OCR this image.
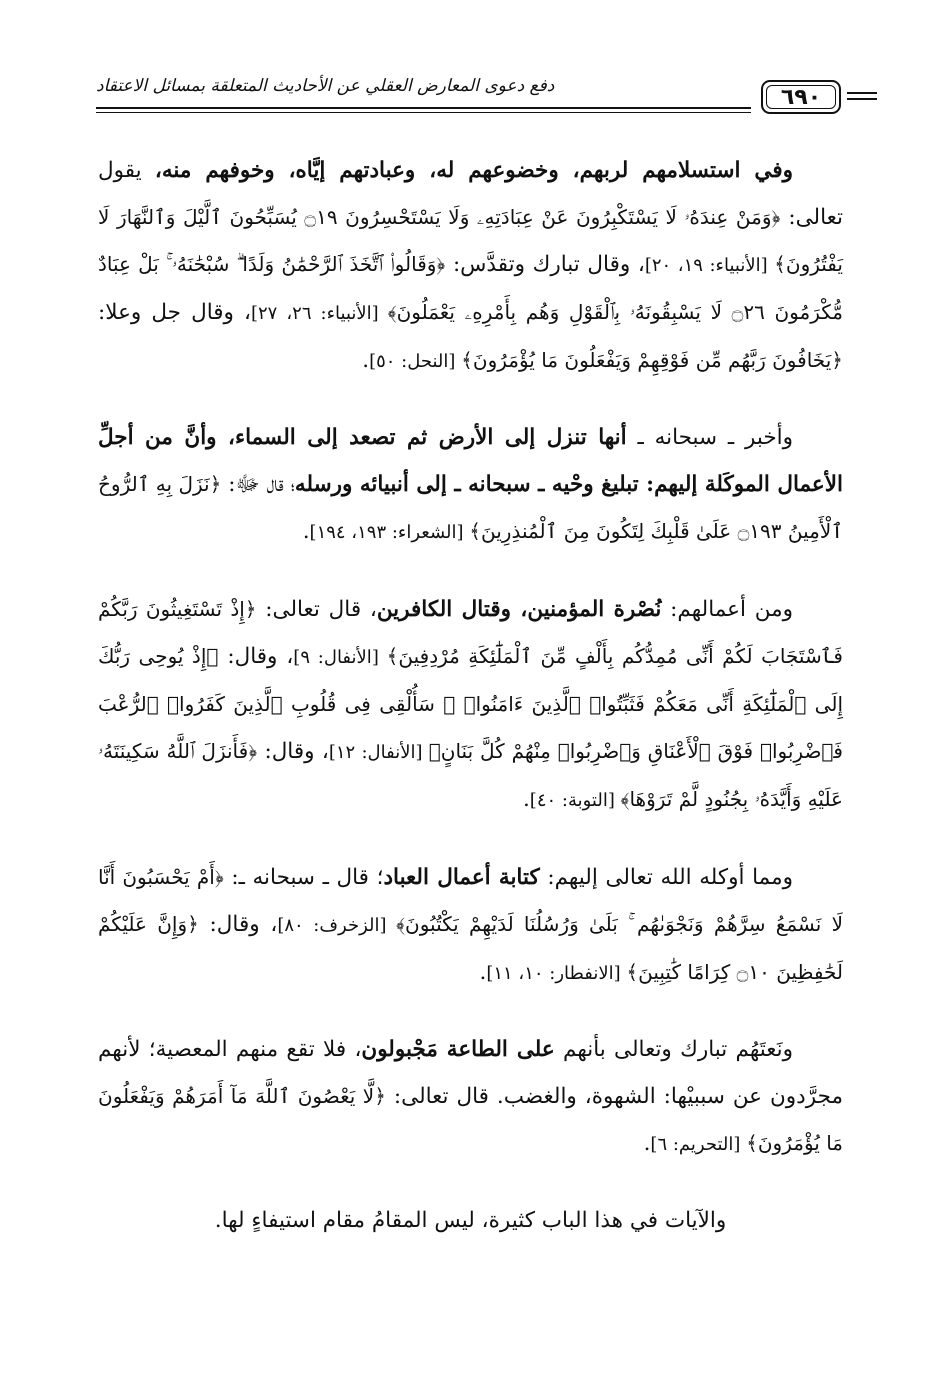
٦٩٠
دفع دعوى المعارض العقلي عن الأحاديث المتعلقة بمسائل الاعتقاد

وفي استسلامهم لربهم، وخضوعهم له، وعبادتهم إيَّاه، وخوفهم منه، يقول تعالى: ﴿وَمَنْ عِندَهُۥ لَا يَسْتَكْبِرُونَ عَنْ عِبَادَتِهِۦ وَلَا يَسْتَحْسِرُونَ ۝١٩ يُسَبِّحُونَ ٱلَّيْلَ وَٱلنَّهَارَ لَا يَفْتُرُونَ﴾ [الأنبياء: ١٩، ٢٠]، وقال تبارك وتقدَّس: ﴿وَقَالُوا۟ ٱتَّخَذَ ٱلرَّحْمَٰنُ وَلَدًا ۗ سُبْحَٰنَهُۥ ۚ بَلْ عِبَادٌ مُّكْرَمُونَ ۝٢٦ لَا يَسْبِقُونَهُۥ بِٱلْقَوْلِ وَهُم بِأَمْرِهِۦ يَعْمَلُونَ﴾ [الأنبياء: ٢٦، ٢٧]، وقال جل وعلا: ﴿يَخَافُونَ رَبَّهُم مِّن فَوْقِهِمْ وَيَفْعَلُونَ مَا يُؤْمَرُونَ﴾ [النحل: ٥٠].

وأخبر ـ سبحانه ـ أنها تنزل إلى الأرض ثم تصعد إلى السماء، وأنَّ من أجلِّ الأعمال الموكَلة إليهم: تبليغ وحْيه ـ سبحانه ـ إلى أنبيائه ورسله؛ قال ﷻ: ﴿نَزَلَ بِهِ ٱلرُّوحُ ٱلْأَمِينُ ۝١٩٣ عَلَىٰ قَلْبِكَ لِتَكُونَ مِنَ ٱلْمُنذِرِينَ﴾ [الشعراء: ١٩٣، ١٩٤].

ومن أعمالهم: نُصْرة المؤمنين، وقتال الكافرين، قال تعالى: ﴿إِذْ تَسْتَغِيثُونَ رَبَّكُمْ فَٱسْتَجَابَ لَكُمْ أَنِّى مُمِدُّكُم بِأَلْفٍ مِّنَ ٱلْمَلَٰٓئِكَةِ مُرْدِفِينَ﴾ [الأنفال: ٩]، وقال: ﴿إِذْ يُوحِى رَبُّكَ إِلَى ٱلْمَلَٰٓئِكَةِ أَنِّى مَعَكُمْ فَثَبِّتُوا۟ ٱلَّذِينَ ءَامَنُوا۟ ۚ سَأُلْقِى فِى قُلُوبِ ٱلَّذِينَ كَفَرُوا۟ ٱلرُّعْبَ فَٱضْرِبُوا۟ فَوْقَ ٱلْأَعْنَاقِ وَٱضْرِبُوا۟ مِنْهُمْ كُلَّ بَنَانٍ﴾ [الأنفال: ١٢]، وقال: ﴿فَأَنزَلَ ٱللَّهُ سَكِينَتَهُۥ عَلَيْهِ وَأَيَّدَهُۥ بِجُنُودٍ لَّمْ تَرَوْهَا﴾ [التوبة: ٤٠].

ومما أوكله الله تعالى إليهم: كتابة أعمال العباد؛ قال ـ سبحانه ـ: ﴿أَمْ يَحْسَبُونَ أَنَّا لَا نَسْمَعُ سِرَّهُمْ وَنَجْوَىٰهُم ۚ بَلَىٰ وَرُسُلُنَا لَدَيْهِمْ يَكْتُبُونَ﴾ [الزخرف: ٨٠]، وقال: ﴿وَإِنَّ عَلَيْكُمْ لَحَٰفِظِينَ ۝١٠ كِرَامًا كَٰتِبِينَ﴾ [الانفطار: ١٠، ١١].

ونَعتَهُم تبارك وتعالى بأنهم على الطاعة مَجْبولون، فلا تقع منهم المعصية؛ لأنهم مجرَّدون عن سببيْها: الشهوة، والغضب. قال تعالى: ﴿لَّا يَعْصُونَ ٱللَّهَ مَآ أَمَرَهُمْ وَيَفْعَلُونَ مَا يُؤْمَرُونَ﴾ [التحريم: ٦].

والآيات في هذا الباب كثيرة، ليس المقامُ مقام استيفاءٍ لها.
